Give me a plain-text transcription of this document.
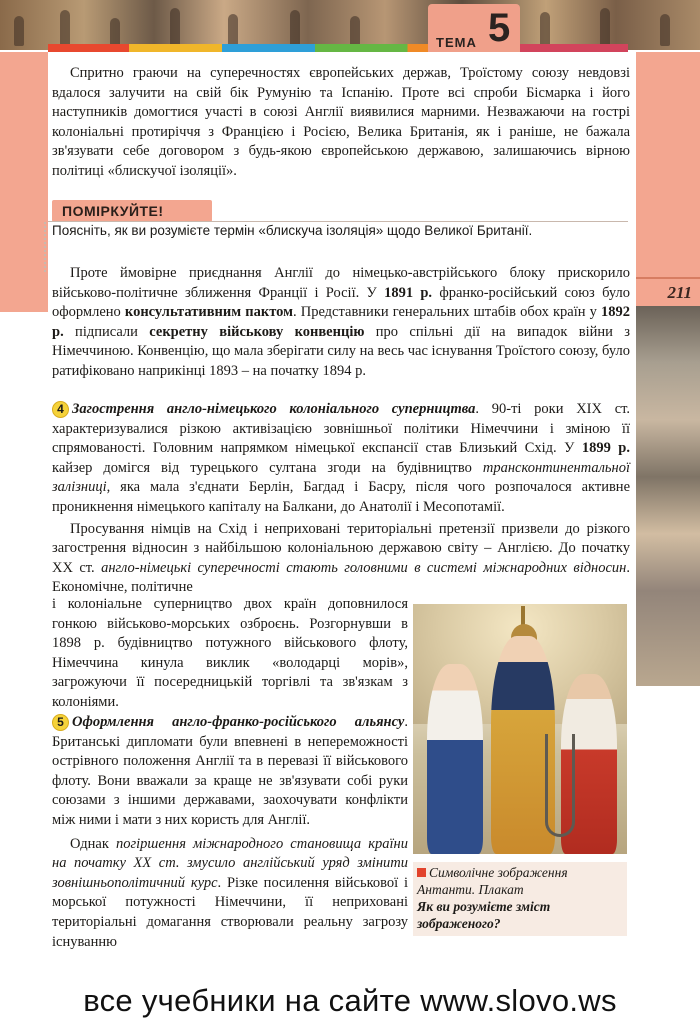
ТЕМА 5
211

Спритно граючи на суперечностях європейських держав, Троїстому союзу невдовзі вдалося залучити на свій бік Румунію та Іспанію. Проте всі спроби Бісмарка і його наступників домогтися участі в союзі Англії виявилися марними. Незважаючи на гострі колоніальні протиріччя з Францією і Росією, Велика Британія, як і раніше, не бажала зв'язувати себе договором з будь-якою європейською державою, залишаючись вірною політиці «блискучої ізоляції».

ПОМІРКУЙТЕ!
Поясніть, як ви розумієте термін «блискуча ізоляція» щодо Великої Британії.

Проте ймовірне приєднання Англії до німецько-австрійського блоку прискорило військово-політичне зближення Франції і Росії. У 1891 р. франко-російський союз було оформлено консультативним пактом. Представники генеральних штабів обох країн у 1892 р. підписали секретну військову конвенцію про спільні дії на випадок війни з Німеччиною. Конвенцію, що мала зберігати силу на весь час існування Троїстого союзу, було ратифіковано наприкінці 1893 – на початку 1894 р.

4 Загострення англо-німецького колоніального суперництва. 90-ті роки XIX ст. характеризувалися різкою активізацією зовнішньої політики Німеччини і зміною її спрямованості. Головним напрямком німецької експансії став Близький Схід. У 1899 р. кайзер домігся від турецького султана згоди на будівництво трансконтинентальної залізниці, яка мала з'єднати Берлін, Багдад і Басру, після чого розпочалося активне проникнення німецького капіталу на Балкани, до Анатолії і Месопотамії.

Просування німців на Схід і неприховані територіальні претензії призвели до різкого загострення відносин з найбільшою колоніальною державою світу – Англією. До початку XX ст. англо-німецькі суперечності стають головними в системі міжнародних відносин. Економічне, політичне

і колоніальне суперництво двох країн доповнилося гонкою військово-морських озброєнь. Розгорнувши в 1898 р. будівництво потужного військового флоту, Німеччина кинула виклик «володарці морів», загрожуючи її посередницькій торгівлі та зв'язкам з колоніями.

5 Оформлення англо-франко-російського альянсу. Британські дипломати були впевнені в непереможності острівного положення Англії та в перевазі її військового флоту. Вони вважали за краще не зв'язувати собі руки союзами з іншими державами, заохочувати конфлікти між ними і мати з них користь для Англії.

Однак погіршення міжнародного становища країни на початку XX ст. змусило англійський уряд змінити зовнішньополітичний курс. Різке посилення військової і морської потужності Німеччини, її неприховані територіальні домагання створювали реальну загрозу існуванню

Символічне зображення Антанти. Плакат
Як ви розумієте зміст зображеного?
все учебники на сайте www.slovo.ws
